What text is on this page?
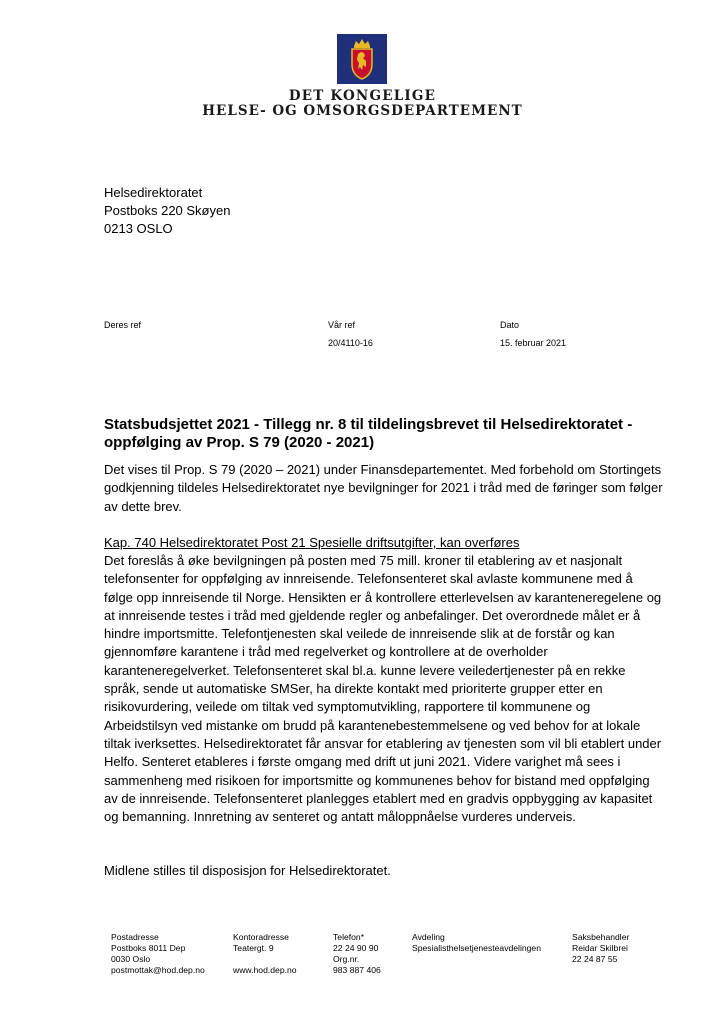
DET KONGELIGE
HELSE- OG OMSORGSDEPARTEMENT
Helsedirektoratet
Postboks 220 Skøyen
0213 OSLO
Deres ref	Vår ref
20/4110-16
Dato
15. februar 2021
Statsbudsjettet 2021 - Tillegg nr. 8 til tildelingsbrevet til Helsedirektoratet - oppfølging av Prop. S 79 (2020 - 2021)
Det vises til Prop. S 79 (2020 – 2021) under Finansdepartementet. Med forbehold om Stortingets godkjenning tildeles Helsedirektoratet nye bevilgninger for 2021 i tråd med de føringer som følger av dette brev.
Kap. 740 Helsedirektoratet Post 21 Spesielle driftsutgifter, kan overføres
Det foreslås å øke bevilgningen på posten med 75 mill. kroner til etablering av et nasjonalt telefonsenter for oppfølging av innreisende. Telefonsenteret skal avlaste kommunene med å følge opp innreisende til Norge. Hensikten er å kontrollere etterlevelsen av karanteneregelene og at innreisende testes i tråd med gjeldende regler og anbefalinger. Det overordnede målet er å hindre importsmitte. Telefontjenesten skal veilede de innreisende slik at de forstår og kan gjennomføre karantene i tråd med regelverket og kontrollere at de overholder karanteneregelverket. Telefonsenteret skal bl.a. kunne levere veiledertjenester på en rekke språk, sende ut automatiske SMSer, ha direkte kontakt med prioriterte grupper etter en risikovurdering, veilede om tiltak ved symptomutvikling, rapportere til kommunene og Arbeidstilsyn ved mistanke om brudd på karantenebestemmelsene og ved behov for at lokale tiltak iverksettes. Helsedirektoratet får ansvar for etablering av tjenesten som vil bli etablert under Helfo. Senteret etableres i første omgang med drift ut juni 2021. Videre varighet må sees i sammenheng med risikoen for importsmitte og kommunenes behov for bistand med oppfølging av de innreisende. Telefonsenteret planlegges etablert med en gradvis oppbygging av kapasitet og bemanning. Innretning av senteret og antatt måloppnåelse vurderes underveis.
Midlene stilles til disposisjon for Helsedirektoratet.
Postadresse
Postboks 8011 Dep
0030 Oslo
postmottak@hod.dep.no
Kontoradresse
Teatergt. 9

www.hod.dep.no
Telefon*
22 24 90 90
Org.nr.
983 887 406
Avdeling
Spesialisthelsetjenesteavdelingen
Saksbehandler
Reidar Skilbrei
22 24 87 55
